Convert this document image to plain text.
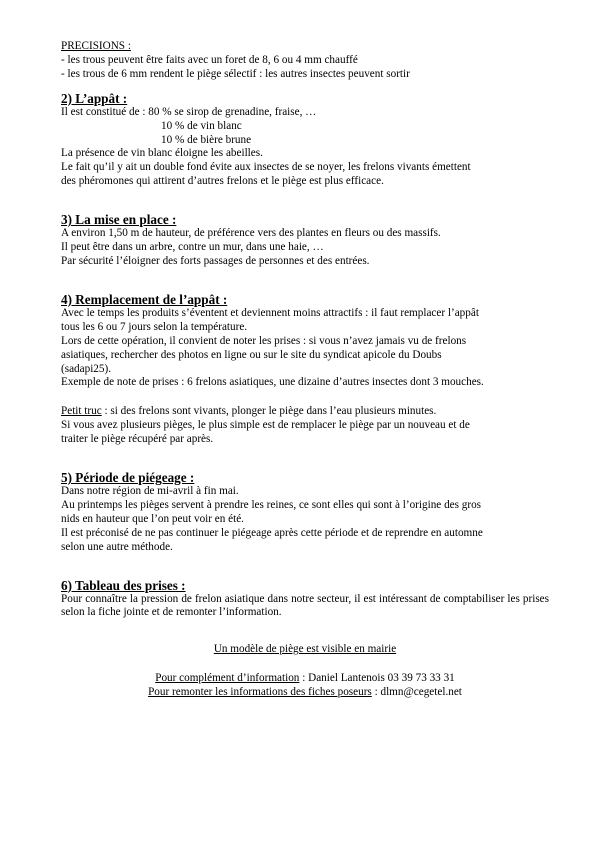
PRECISIONS :

- les trous peuvent être faits avec un foret de 8, 6 ou 4 mm chauffé

- les trous de 6 mm rendent le piège sélectif : les autres insectes peuvent sortir

2) L’appât :

Il est constitué de : 80 % se sirop de grenadine, fraise, …

10 % de vin blanc

10 % de bière brune

La présence de vin blanc éloigne les abeilles.

Le fait qu’il y ait un double fond évite aux insectes de se noyer, les frelons vivants émettent

des phéromones qui attirent d’autres frelons et le piège est plus efficace.

3) La mise en place :

A environ 1,50 m de hauteur, de préférence vers des plantes en fleurs ou des massifs.

Il peut être dans un arbre, contre un mur, dans une haie, …

Par sécurité l’éloigner des forts passages de personnes et des entrées.

4) Remplacement de l’appât :

Avec le temps les produits s’éventent et deviennent moins attractifs : il faut remplacer l’appât

tous les 6 ou 7 jours selon la température.

Lors de cette opération, il convient de noter les prises : si vous n’avez jamais vu de frelons

asiatiques, rechercher des photos en ligne ou sur le site du syndicat apicole du Doubs

(sadapi25).

Exemple de note de prises : 6 frelons asiatiques, une dizaine d’autres insectes dont 3 mouches.

Petit truc : si des frelons sont vivants, plonger le piège dans l’eau plusieurs minutes.

Si vous avez plusieurs pièges, le plus simple est de remplacer le piège par un nouveau et de

traiter le piège récupéré par après.

5) Période de piégeage :

Dans notre région de mi-avril à fin mai.

Au printemps les pièges servent à prendre les reines, ce sont elles qui sont à l’origine des gros

nids en hauteur que l’on peut voir en été.

Il est préconisé de ne pas continuer le piégeage après cette période et de reprendre en automne

selon une autre méthode.

6) Tableau des prises :

Pour connaître la pression de frelon asiatique dans notre secteur, il est intéressant de comptabiliser les prises selon la fiche jointe et de remonter l’information.

Un modèle de piège est visible en mairie

Pour complément d’information : Daniel Lantenois 03 39 73 33 31

Pour remonter les informations des fiches poseurs : dlmn@cegetel.net
